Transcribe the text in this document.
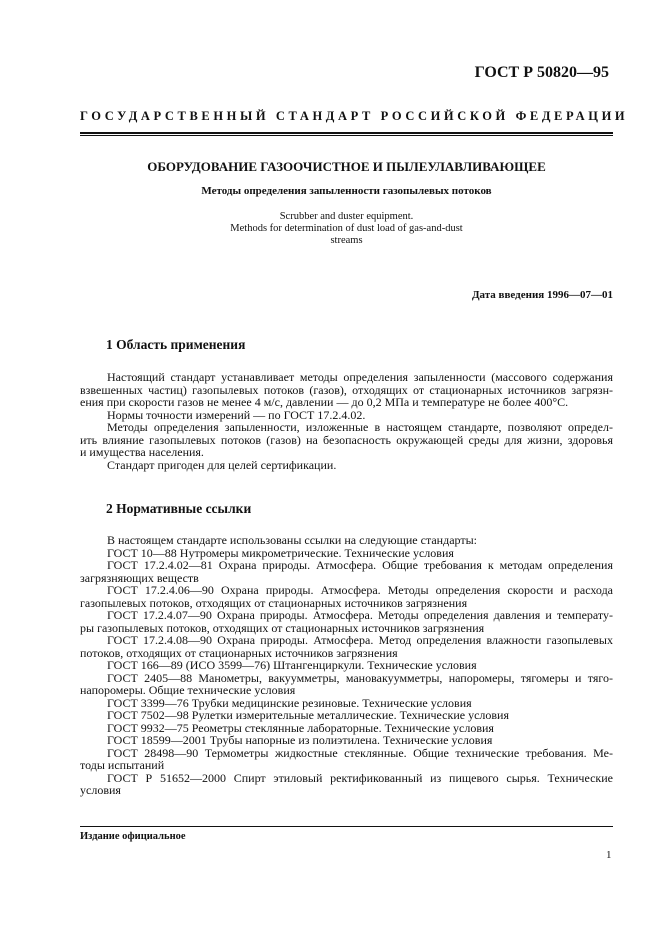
ГОСТ Р 50820—95
ГОСУДАРСТВЕННЫЙ СТАНДАРТ РОССИЙСКОЙ ФЕДЕРАЦИИ
ОБОРУДОВАНИЕ ГАЗООЧИСТНОЕ И ПЫЛЕУЛАВЛИВАЮЩЕЕ
Методы определения запыленности газопылевых потоков
Scrubber and duster equipment.
Methods for determination of dust load of gas-and-dust
streams
Дата введения 1996—07—01
1 Область применения

Настоящий стандарт устанавливает методы определения запыленности (массового содержания

взвешенных частиц) газопылевых потоков (газов), отходящих от стационарных источников загрязн-

ения при скорости газов не менее 4 м/с, давлении — до 0,2 МПа и температуре не более 400°С.

Нормы точности измерений — по ГОСТ 17.2.4.02.

Методы определения запыленности, изложенные в настоящем стандарте, позволяют определ-

ить влияние газопылевых потоков (газов) на безопасность окружающей среды для жизни, здоровья

и имущества населения.

Стандарт пригоден для целей сертификации.

2 Нормативные ссылки

В настоящем стандарте использованы ссылки на следующие стандарты:

ГОСТ 10—88 Нутромеры микрометрические. Технические условия

ГОСТ 17.2.4.02—81 Охрана природы. Атмосфера. Общие требования к методам определения

загрязняющих веществ

ГОСТ 17.2.4.06—90 Охрана природы. Атмосфера. Методы определения скорости и расхода

газопылевых потоков, отходящих от стационарных источников загрязнения

ГОСТ 17.2.4.07—90 Охрана природы. Атмосфера. Методы определения давления и температу-

ры газопылевых потоков, отходящих от стационарных источников загрязнения

ГОСТ 17.2.4.08—90 Охрана природы. Атмосфера. Метод определения влажности газопылевых

потоков, отходящих от стационарных источников загрязнения

ГОСТ 166—89 (ИСО 3599—76) Штангенциркули. Технические условия

ГОСТ 2405—88 Манометры, вакуумметры, мановакуумметры, напоромеры, тягомеры и тяго-

напоромеры. Общие технические условия

ГОСТ 3399—76 Трубки медицинские резиновые. Технические условия

ГОСТ 7502—98 Рулетки измерительные металлические. Технические условия

ГОСТ 9932—75 Реометры стеклянные лабораторные. Технические условия

ГОСТ 18599—2001 Трубы напорные из полиэтилена. Технические условия

ГОСТ 28498—90 Термометры жидкостные стеклянные. Общие технические требования. Ме-

тоды испытаний

ГОСТ Р 51652—2000 Спирт этиловый ректификованный из пищевого сырья. Технические

условия

Издание официальное
1
